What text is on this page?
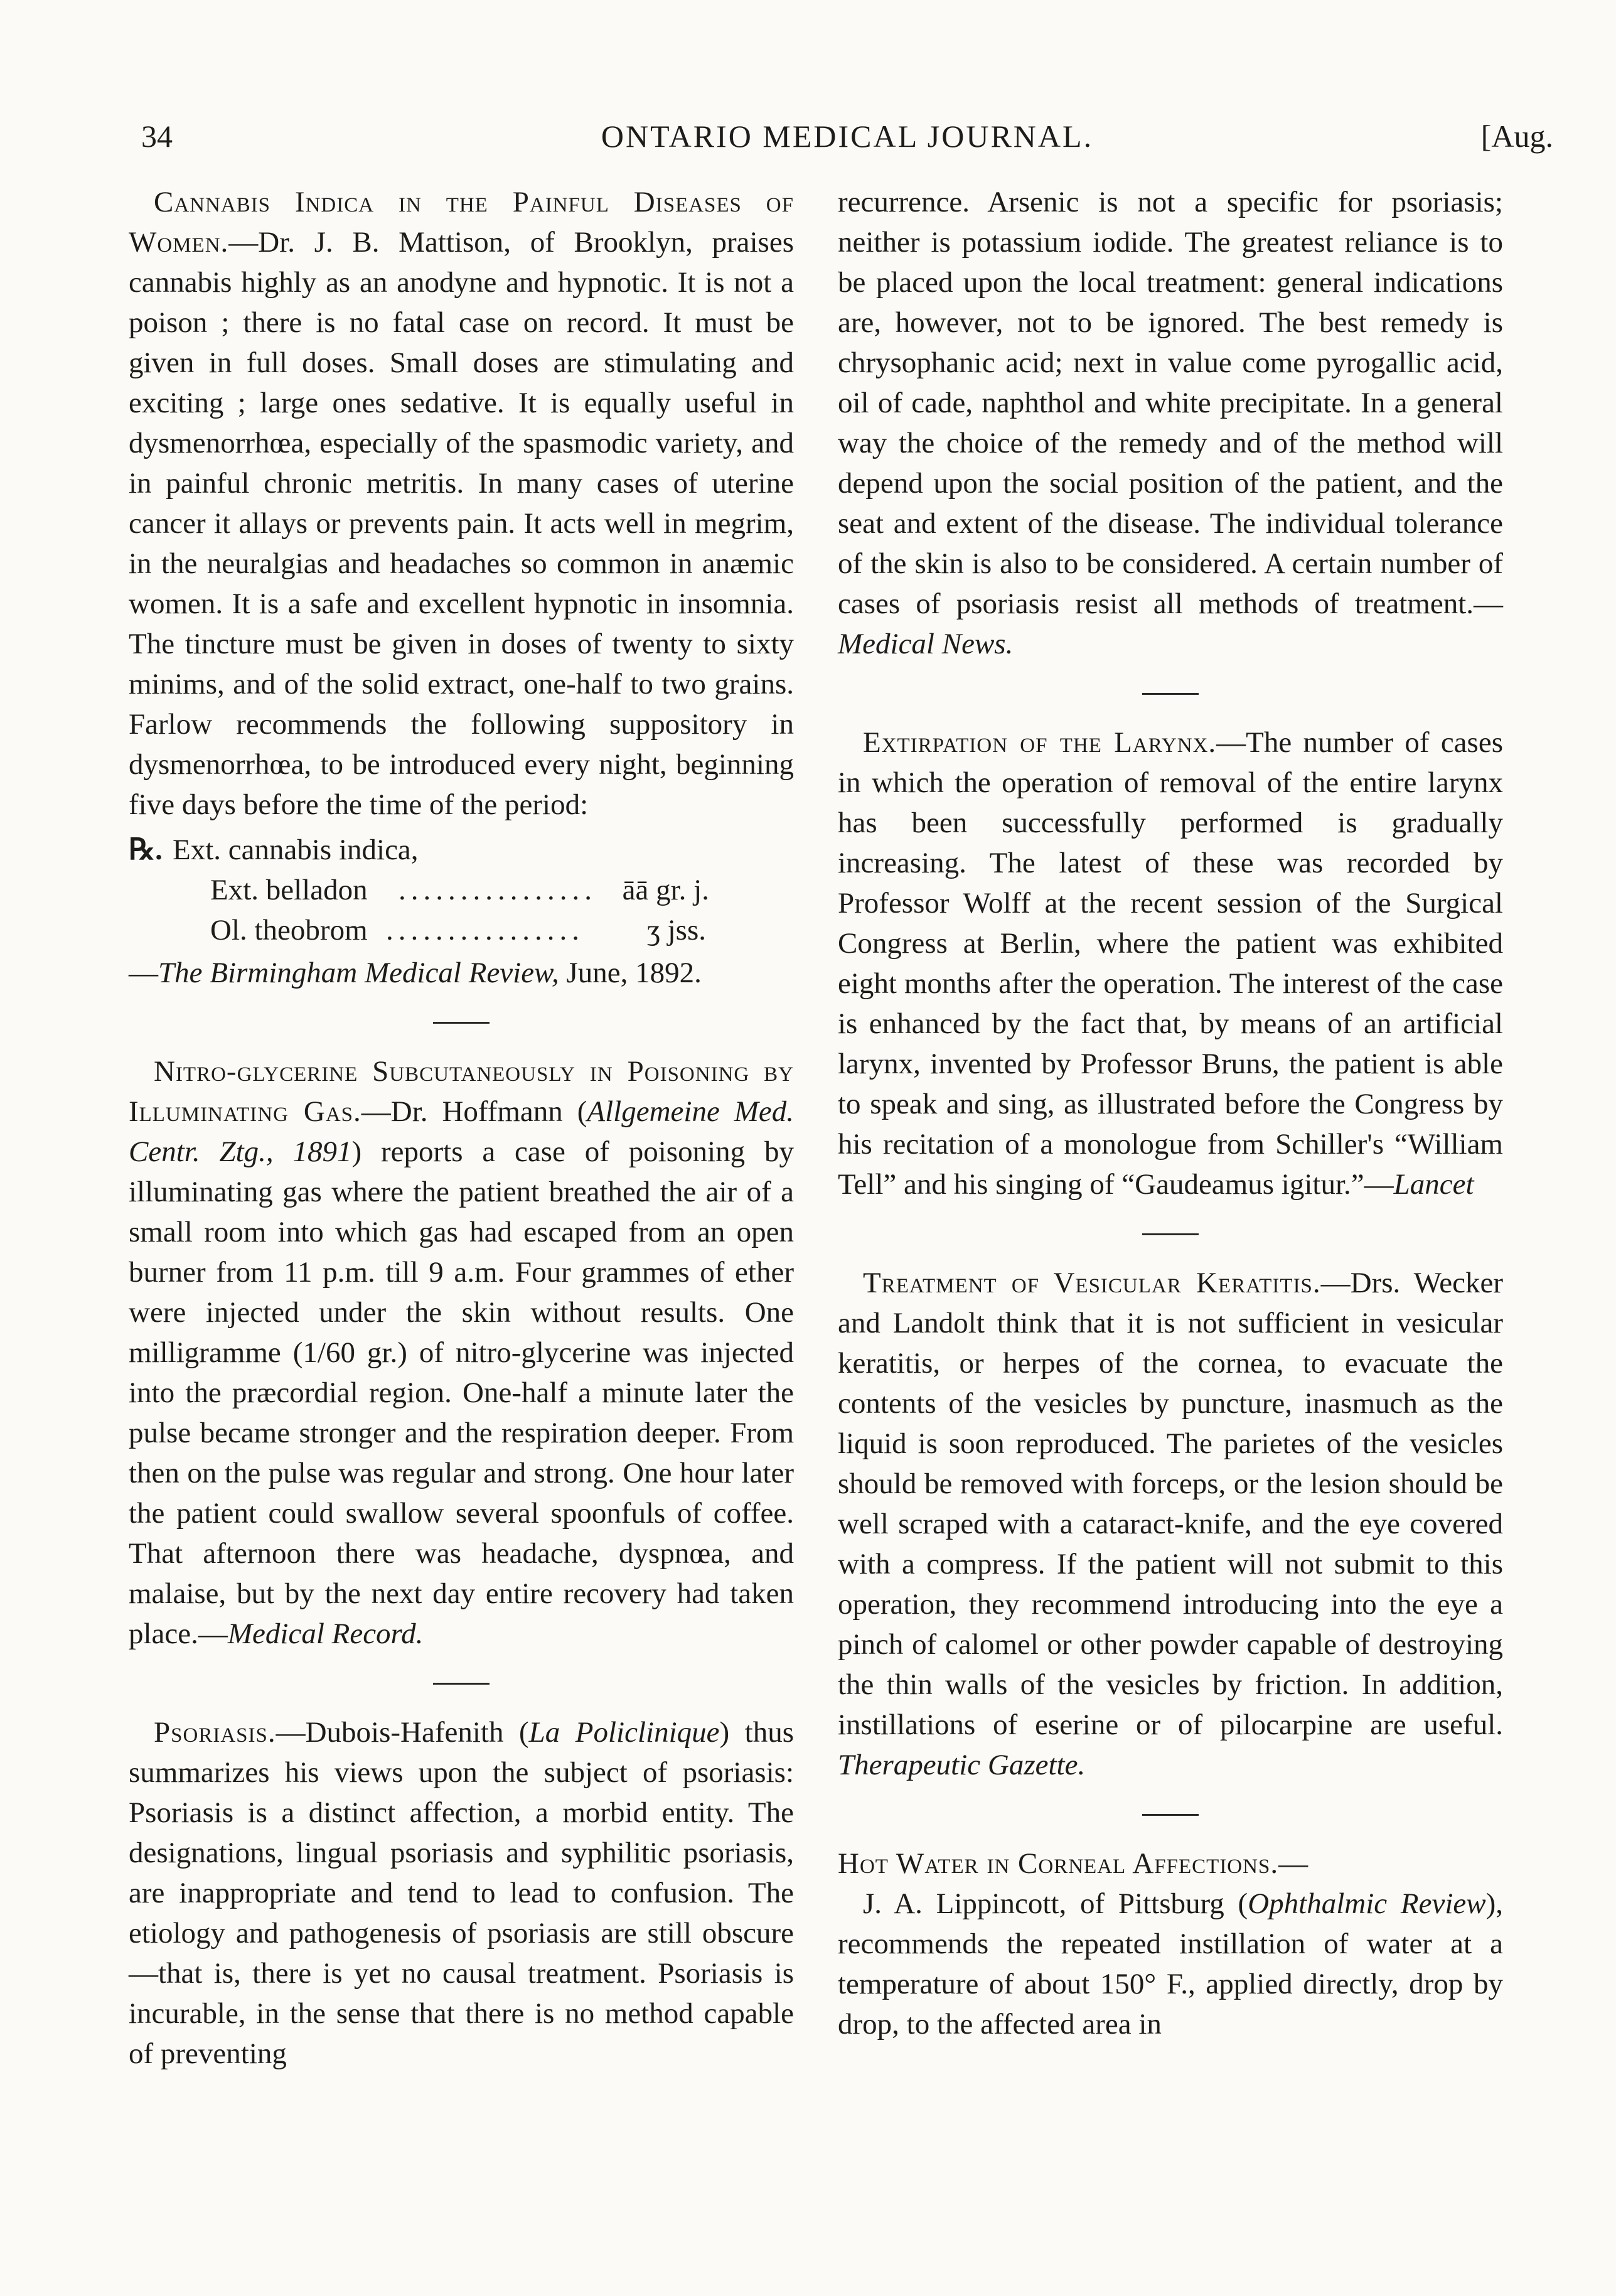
34	ONTARIO MEDICAL JOURNAL.	[Aug.

Cannabis Indica in the Painful Diseases of Women.—Dr. J. B. Mattison, of Brooklyn, praises cannabis highly as an anodyne and hypnotic. It is not a poison ; there is no fatal case on record. It must be given in full doses. Small doses are stimulating and exciting ; large ones sedative. It is equally useful in dysmenorrhœa, especially of the spasmodic variety, and in painful chronic metritis. In many cases of uterine cancer it allays or prevents pain. It acts well in megrim, in the neuralgias and headaches so common in anæmic women. It is a safe and excellent hypnotic in insomnia. The tincture must be given in doses of twenty to sixty minims, and of the solid extract, one-half to two grains. Farlow recommends the following suppository in dysmenorrhœa, to be introduced every night, beginning five days before the time of the period:

℞. Ext. cannabis indica,
Ext. belladon ................ āā gr. j.
Ol. theobrom ................	ʒ jss.

—The Birmingham Medical Review, June, 1892.

Nitro-glycerine Subcutaneously in Poisoning by Illuminating Gas.—Dr. Hoffmann (Allgemeine Med. Centr. Ztg., 1891) reports a case of poisoning by illuminating gas where the patient breathed the air of a small room into which gas had escaped from an open burner from 11 p.m. till 9 a.m. Four grammes of ether were injected under the skin without results. One milligramme (1/60 gr.) of nitro-glycerine was injected into the præcordial region. One-half a minute later the pulse became stronger and the respiration deeper. From then on the pulse was regular and strong. One hour later the patient could swallow several spoonfuls of coffee. That afternoon there was headache, dyspnœa, and malaise, but by the next day entire recovery had taken place.—Medical Record.

Psoriasis.—Dubois-Hafenith (La Policlinique) thus summarizes his views upon the subject of psoriasis: Psoriasis is a distinct affection, a morbid entity. The designations, lingual psoriasis and syphilitic psoriasis, are inappropriate and tend to lead to confusion. The etiology and pathogenesis of psoriasis are still obscure—that is, there is yet no causal treatment. Psoriasis is incurable, in the sense that there is no method capable of preventing

recurrence. Arsenic is not a specific for psoriasis; neither is potassium iodide. The greatest reliance is to be placed upon the local treatment: general indications are, however, not to be ignored. The best remedy is chrysophanic acid; next in value come pyrogallic acid, oil of cade, naphthol and white precipitate. In a general way the choice of the remedy and of the method will depend upon the social position of the patient, and the seat and extent of the disease. The individual tolerance of the skin is also to be considered. A certain number of cases of psoriasis resist all methods of treatment.—Medical News.

Extirpation of the Larynx.—The number of cases in which the operation of removal of the entire larynx has been successfully performed is gradually increasing. The latest of these was recorded by Professor Wolff at the recent session of the Surgical Congress at Berlin, where the patient was exhibited eight months after the operation. The interest of the case is enhanced by the fact that, by means of an artificial larynx, invented by Professor Bruns, the patient is able to speak and sing, as illustrated before the Congress by his recitation of a monologue from Schiller's “William Tell” and his singing of “Gaudeamus igitur.”—Lancet

Treatment of Vesicular Keratitis.—Drs. Wecker and Landolt think that it is not sufficient in vesicular keratitis, or herpes of the cornea, to evacuate the contents of the vesicles by puncture, inasmuch as the liquid is soon reproduced. The parietes of the vesicles should be removed with forceps, or the lesion should be well scraped with a cataract-knife, and the eye covered with a compress. If the patient will not submit to this operation, they recommend introducing into the eye a pinch of calomel or other powder capable of destroying the thin walls of the vesicles by friction. In addition, instillations of eserine or of pilocarpine are useful. Therapeutic Gazette.

Hot Water in Corneal Affections.—

J. A. Lippincott, of Pittsburg (Ophthalmic Review), recommends the repeated instillation of water at a temperature of about 150° F., applied directly, drop by drop, to the affected area in
